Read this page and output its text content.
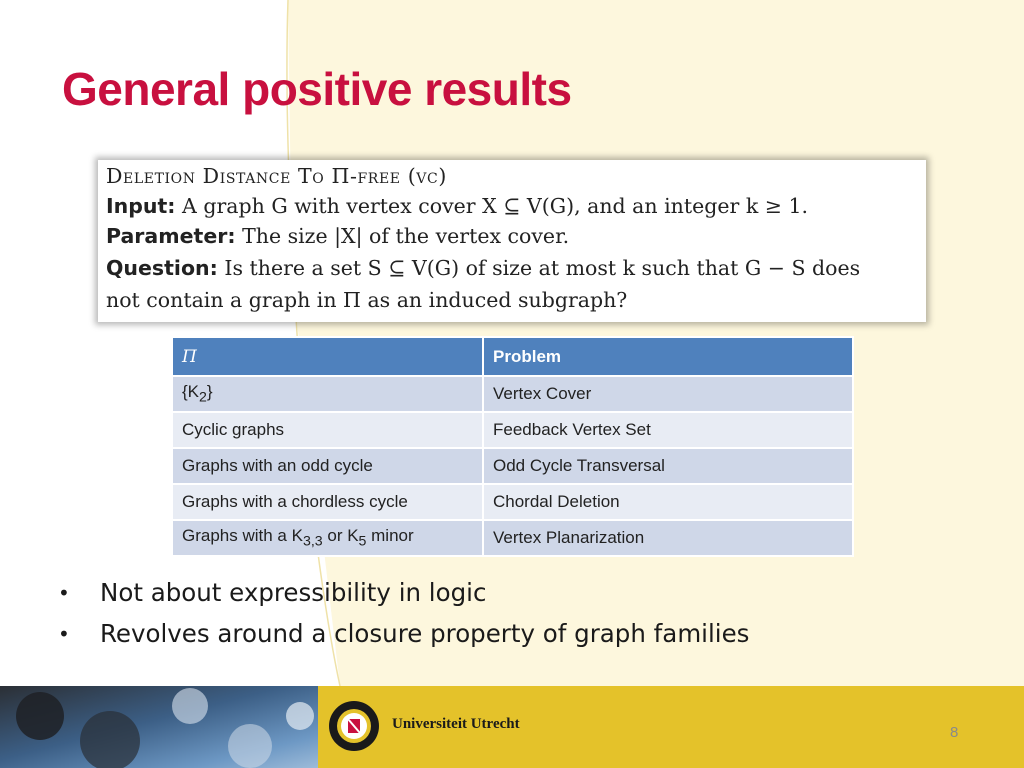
General positive results
Deletion Distance To Π-free (vc)
Input: A graph G with vertex cover X ⊆ V(G), and an integer k ≥ 1.
Parameter: The size |X| of the vertex cover.
Question: Is there a set S ⊆ V(G) of size at most k such that G − S does
not contain a graph in Π as an induced subgraph?
Π	Problem
$\{K_2\}$	Vertex Cover
Cyclic graphs	Feedback Vertex Set
Graphs with an odd cycle	Odd Cycle Transversal
Graphs with a chordless cycle	Chordal Deletion
Graphs with a $K_{3,3}$ or $K_5$ minor	Vertex Planarization
• Not about expressibility in logic
• Revolves around a closure property of graph families
Universiteit Utrecht	8
